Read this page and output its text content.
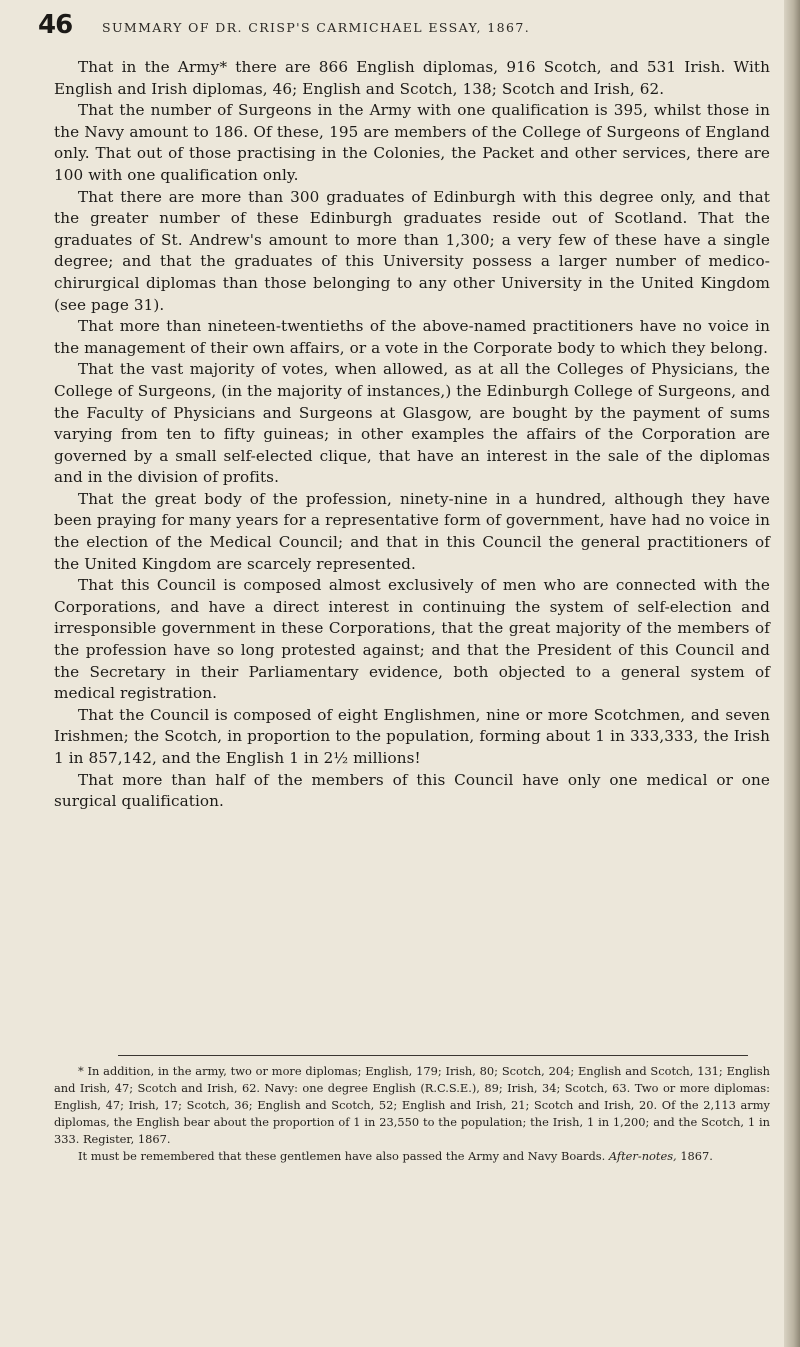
46 SUMMARY OF DR. CRISP'S CARMICHAEL ESSAY, 1867.

That in the Army* there are 866 English diplomas, 916 Scotch, and 531 Irish. With English and Irish diplomas, 46; English and Scotch, 138; Scotch and Irish, 62.

That the number of Surgeons in the Army with one qualification is 395, whilst those in the Navy amount to 186. Of these, 195 are members of the College of Surgeons of England only. That out of those practising in the Colonies, the Packet and other services, there are 100 with one qualification only.

That there are more than 300 graduates of Edinburgh with this degree only, and that the greater number of these Edinburgh graduates reside out of Scotland. That the graduates of St. Andrew's amount to more than 1,300; a very few of these have a single degree; and that the graduates of this University possess a larger number of medico-chirurgical diplomas than those belonging to any other University in the United Kingdom (see page 31).

That more than nineteen-twentieths of the above-named practitioners have no voice in the management of their own affairs, or a vote in the Corporate body to which they belong.

That the vast majority of votes, when allowed, as at all the Colleges of Physicians, the College of Surgeons, (in the majority of instances,) the Edinburgh College of Surgeons, and the Faculty of Physicians and Surgeons at Glasgow, are bought by the payment of sums varying from ten to fifty guineas; in other examples the affairs of the Corporation are governed by a small self-elected clique, that have an interest in the sale of the diplomas and in the division of profits.

That the great body of the profession, ninety-nine in a hundred, although they have been praying for many years for a representative form of government, have had no voice in the election of the Medical Council; and that in this Council the general practitioners of the United Kingdom are scarcely represented.

That this Council is composed almost exclusively of men who are connected with the Corporations, and have a direct interest in continuing the system of self-election and irresponsible government in these Corporations, that the great majority of the members of the profession have so long protested against; and that the President of this Council and the Secretary in their Parliamentary evidence, both objected to a general system of medical registration.

That the Council is composed of eight Englishmen, nine or more Scotchmen, and seven Irishmen; the Scotch, in proportion to the population, forming about 1 in 333,333, the Irish 1 in 857,142, and the English 1 in 2½ millions!

That more than half of the members of this Council have only one medical or one surgical qualification.

* In addition, in the army, two or more diplomas; English, 179; Irish, 80; Scotch, 204; English and Scotch, 131; English and Irish, 47; Scotch and Irish, 62. Navy: one degree English (R.C.S.E.), 89; Irish, 34; Scotch, 63. Two or more diplomas: English, 47; Irish, 17; Scotch, 36; English and Scotch, 52; English and Irish, 21; Scotch and Irish, 20. Of the 2,113 army diplomas, the English bear about the proportion of 1 in 23,550 to the population; the Irish, 1 in 1,200; and the Scotch, 1 in 333. Register, 1867.

It must be remembered that these gentlemen have also passed the Army and Navy Boards. After-notes, 1867.
